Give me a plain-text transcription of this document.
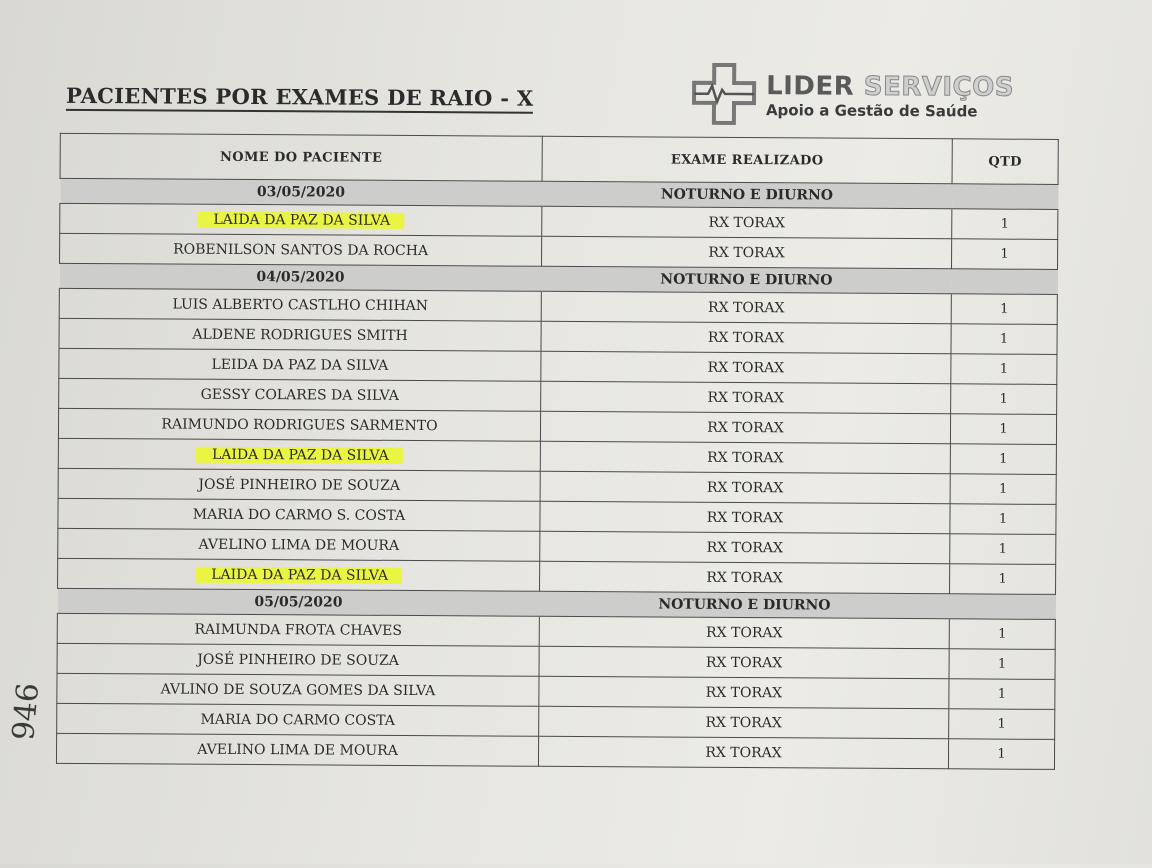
PACIENTES POR EXAMES DE RAIO - X	LIDER SERVIÇOS
Apoio a Gestão de Saúde
NOME DO PACIENTE	EXAME REALIZADO	QTD
03/05/2020	NOTURNO E DIURNO	
LAIDA DA PAZ DA SILVA	RX TORAX	1
ROBENILSON SANTOS DA ROCHA	RX TORAX	1
04/05/2020	NOTURNO E DIURNO	
LUIS ALBERTO CASTLHO CHIHAN	RX TORAX	1
ALDENE RODRIGUES SMITH	RX TORAX	1
LEIDA DA PAZ DA SILVA	RX TORAX	1
GESSY COLARES DA SILVA	RX TORAX	1
RAIMUNDO RODRIGUES SARMENTO	RX TORAX	1
LAIDA DA PAZ DA SILVA	RX TORAX	1
JOSÉ PINHEIRO DE SOUZA	RX TORAX	1
MARIA DO CARMO S. COSTA	RX TORAX	1
AVELINO LIMA DE MOURA	RX TORAX	1
LAIDA DA PAZ DA SILVA	RX TORAX	1
05/05/2020	NOTURNO E DIURNO	
RAIMUNDA FROTA CHAVES	RX TORAX	1
JOSÉ PINHEIRO DE SOUZA	RX TORAX	1
AVLINO DE SOUZA GOMES DA SILVA	RX TORAX	1
MARIA DO CARMO COSTA	RX TORAX	1
AVELINO LIMA DE MOURA	RX TORAX	1
946
